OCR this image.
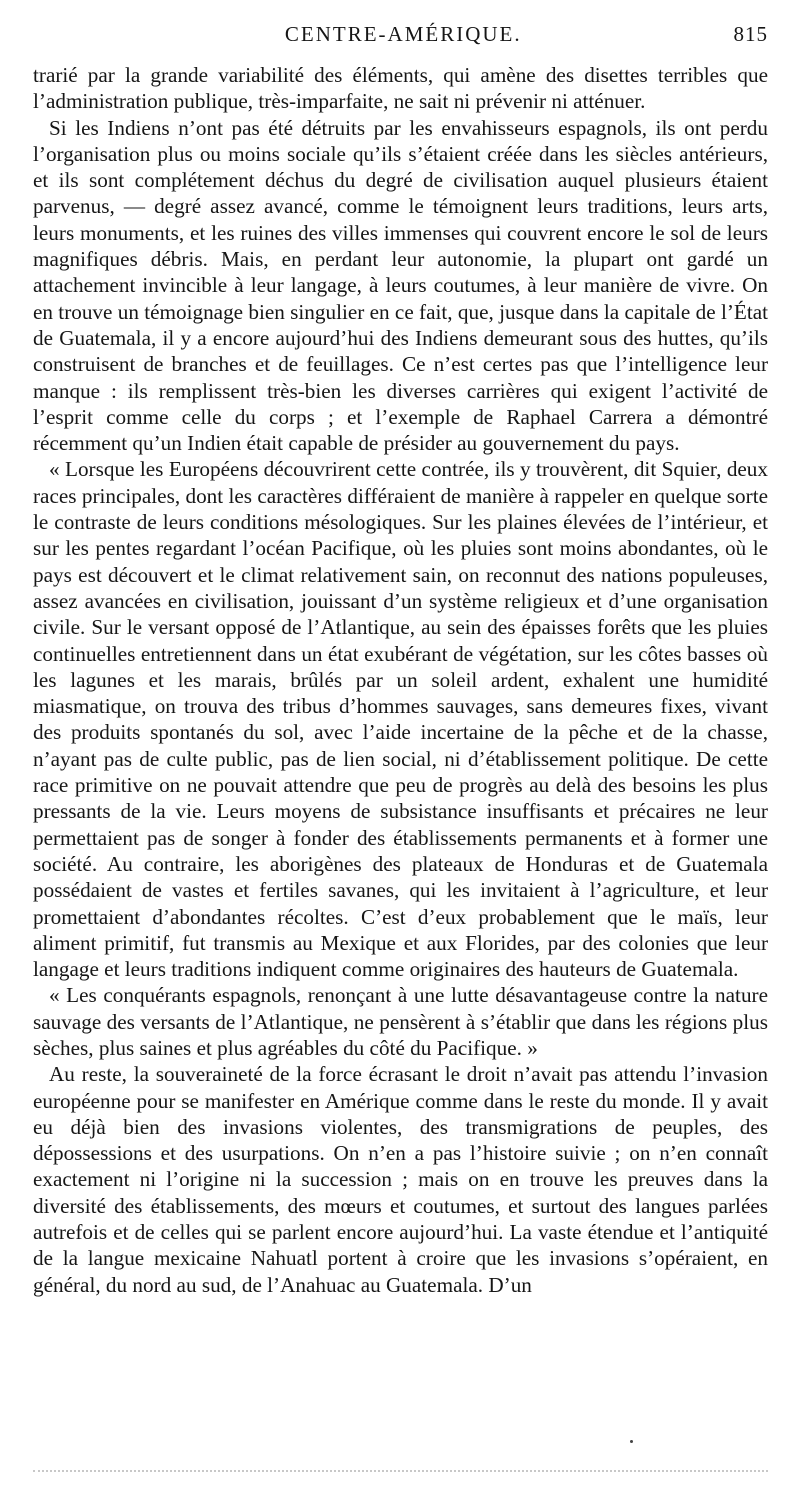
CENTRE-AMÉRIQUE.	815

trarié par la grande variabilité des éléments, qui amène des disettes terribles que l’administration publique, très-imparfaite, ne sait ni prévenir ni atténuer.

Si les Indiens n’ont pas été détruits par les envahisseurs espagnols, ils ont perdu l’organisation plus ou moins sociale qu’ils s’étaient créée dans les siècles antérieurs, et ils sont complétement déchus du degré de civilisation auquel plusieurs étaient parvenus, — degré assez avancé, comme le témoignent leurs traditions, leurs arts, leurs monuments, et les ruines des villes immenses qui couvrent encore le sol de leurs magnifiques débris. Mais, en perdant leur autonomie, la plupart ont gardé un attachement invincible à leur langage, à leurs coutumes, à leur manière de vivre. On en trouve un témoignage bien singulier en ce fait, que, jusque dans la capitale de l’État de Guatemala, il y a encore aujourd’hui des Indiens demeurant sous des huttes, qu’ils construisent de branches et de feuillages. Ce n’est certes pas que l’intelligence leur manque : ils remplissent très-bien les diverses carrières qui exigent l’activité de l’esprit comme celle du corps ; et l’exemple de Raphael Carrera a démontré récemment qu’un Indien était capable de présider au gouvernement du pays.

« Lorsque les Européens découvrirent cette contrée, ils y trouvèrent, dit Squier, deux races principales, dont les caractères différaient de manière à rappeler en quelque sorte le contraste de leurs conditions mésologiques. Sur les plaines élevées de l’intérieur, et sur les pentes regardant l’océan Pacifique, où les pluies sont moins abondantes, où le pays est découvert et le climat relativement sain, on reconnut des nations populeuses, assez avancées en civilisation, jouissant d’un système religieux et d’une organisation civile. Sur le versant opposé de l’Atlantique, au sein des épaisses forêts que les pluies continuelles entretiennent dans un état exubérant de végétation, sur les côtes basses où les lagunes et les marais, brûlés par un soleil ardent, exhalent une humidité miasmatique, on trouva des tribus d’hommes sauvages, sans demeures fixes, vivant des produits spontanés du sol, avec l’aide incertaine de la pêche et de la chasse, n’ayant pas de culte public, pas de lien social, ni d’établissement politique. De cette race primitive on ne pouvait attendre que peu de progrès au delà des besoins les plus pressants de la vie. Leurs moyens de subsistance insuffisants et précaires ne leur permettaient pas de songer à fonder des établissements permanents et à former une société. Au contraire, les aborigènes des plateaux de Honduras et de Guatemala possédaient de vastes et fertiles savanes, qui les invitaient à l’agriculture, et leur promettaient d’abondantes récoltes. C’est d’eux probablement que le maïs, leur aliment primitif, fut transmis au Mexique et aux Florides, par des colonies que leur langage et leurs traditions indiquent comme originaires des hauteurs de Guatemala.

« Les conquérants espagnols, renonçant à une lutte désavantageuse contre la nature sauvage des versants de l’Atlantique, ne pensèrent à s’établir que dans les régions plus sèches, plus saines et plus agréables du côté du Pacifique. »

Au reste, la souveraineté de la force écrasant le droit n’avait pas attendu l’invasion européenne pour se manifester en Amérique comme dans le reste du monde. Il y avait eu déjà bien des invasions violentes, des transmigrations de peuples, des dépossessions et des usurpations. On n’en a pas l’histoire suivie ; on n’en connaît exactement ni l’origine ni la succession ; mais on en trouve les preuves dans la diversité des établissements, des mœurs et coutumes, et surtout des langues parlées autrefois et de celles qui se parlent encore aujourd’hui. La vaste étendue et l’antiquité de la langue mexicaine Nahuatl portent à croire que les invasions s’opéraient, en général, du nord au sud, de l’Anahuac au Guatemala. D’un
